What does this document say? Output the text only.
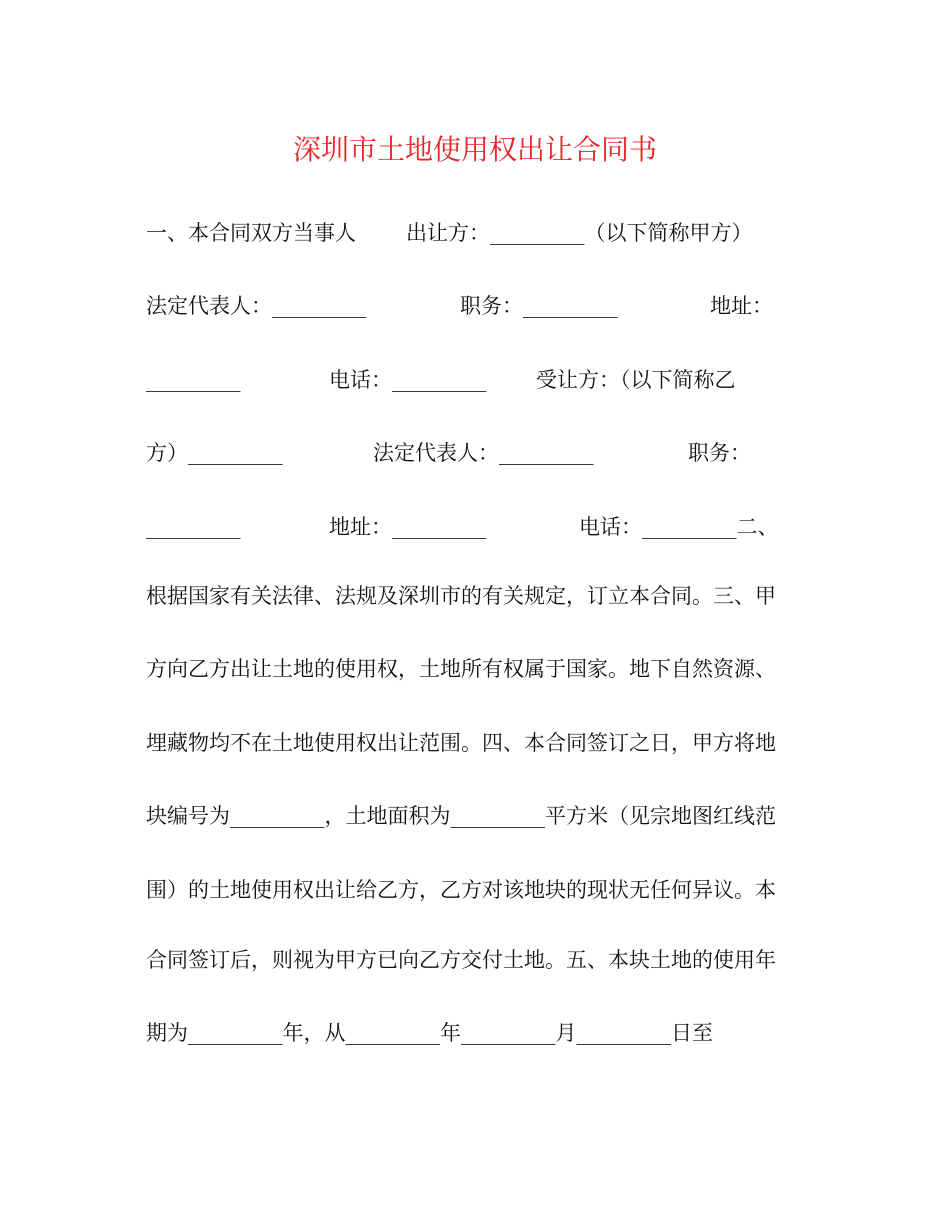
深圳市土地使用权出让合同书
一、本合同双方当事人 出让方：_________（以下简称甲方）
法定代表人：_________	职务：_________	地址：
_________	电话：_________ 受让方：（以下简称乙
方）_________	法定代表人：_________	职务：
_________	地址：_________	电话：_________二、
根据国家有关法律、法规及深圳市的有关规定，订立本合同。三、甲
方向乙方出让土地的使用权，土地所有权属于国家。地下自然资源、
埋藏物均不在土地使用权出让范围。四、本合同签订之日，甲方将地
块编号为_________，土地面积为_________平方米（见宗地图红线范
围）的土地使用权出让给乙方，乙方对该地块的现状无任何异议。本
合同签订后，则视为甲方已向乙方交付土地。五、本块土地的使用年
期为_________年，从_________年_________月_________日至
